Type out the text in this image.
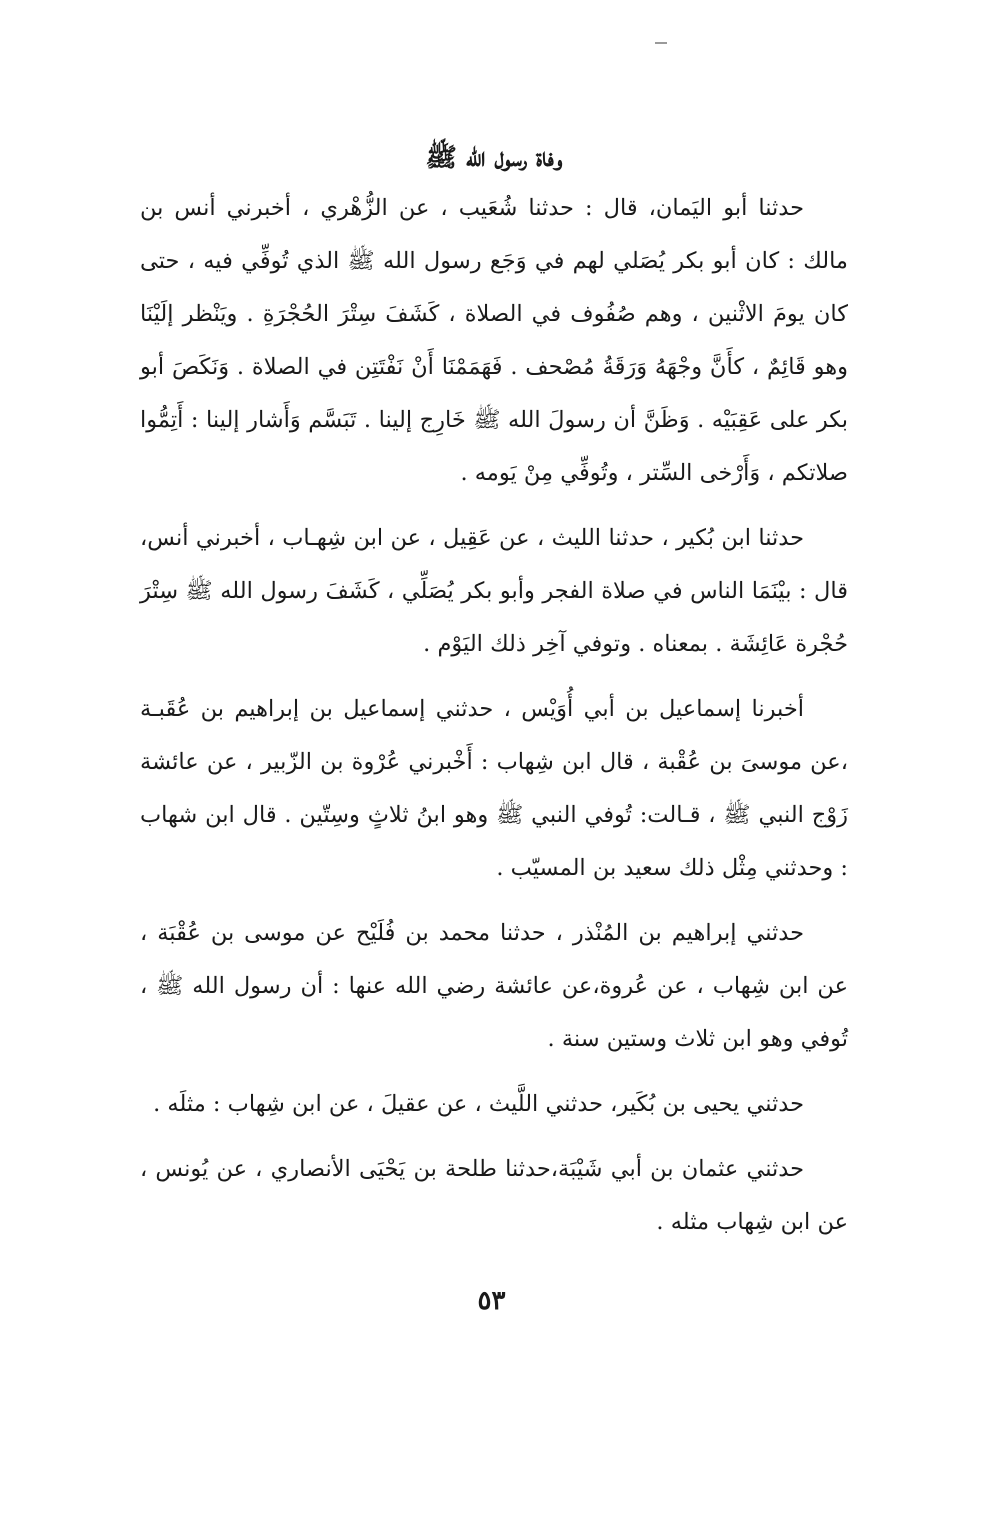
وفاة رسول الله ﷺ

حدثنا أبو اليَمان، قال : حدثنا شُعَيب ، عن الزُّهْري ، أخبرني أنس بن مالك : كان أبو بكر يُصَلي لهم في وَجَع رسول الله ﷺ الذي تُوفِّي فيه ، حتى كان يومَ الاثْنين ، وهم صُفُوف في الصلاة ، كَشَفَ سِتْرَ الحُجْرَةِ . ويَنْظر إلَيْنَا وهو قَائِمٌ ، كأَنَّ وجْهَهُ وَرَقَةُ مُصْحف . فَهَمَمْنَا أَنْ نَفْتَتِن في الصلاة . وَنَكَصَ أبو بكر على عَقِبَيْه . وَظَنَّ أن رسولَ الله ﷺ خَارِج إلينا . تَبَسَّم وَأَشار إلينا : أَتِمُّوا صلاتكم ، وَأَرْخى السِّتر ، وتُوفِّي مِنْ يَومه .

حدثنا ابن بُكير ، حدثنا الليث ، عن عَقِيل ، عن ابن شِهـاب ، أخبرني أنس، قال : بيْنَمَا الناس في صلاة الفجر وأبو بكر يُصَلِّي ، كَشَفَ رسول الله ﷺ سِتْرَ حُجْرة عَائِشَة . بمعناه . وتوفي آخِر ذلك اليَوْم .

أخبرنا إسماعيل بن أبي أُوَيْس ، حدثني إسماعيل بن إبراهيم بن عُقَبـة ،عن موسىَ بن عُقْبة ، قال ابن شِهاب : أَخْبرني عُرْوة بن الزّبير ، عن عائشة زَوْج النبي ﷺ ، قـالت: تُوفي النبي ﷺ وهو ابنُ ثلاثٍ وسِتّين . قال ابن شهاب : وحدثني مِثْل ذلك سعيد بن المسيّب .

حدثني إبراهيم بن المُنْذر ، حدثنا محمد بن فُلَيْح عن موسى بن عُقْبَة ، عن ابن شِهاب ، عن عُروة،عن عائشة رضي الله عنها : أن رسول الله ﷺ ، تُوفي وهو ابن ثلاث وستين سنة .

حدثني يحيى بن بُكَير، حدثني اللَّيث ، عن عقيلَ ، عن ابن شِهاب : مثلَه .

حدثني عثمان بن أبي شَيْبَة،حدثنا طلحة بن يَحْيَى الأنصاري ، عن يُونس ، عن ابن شِهاب مثله .

٥٣
